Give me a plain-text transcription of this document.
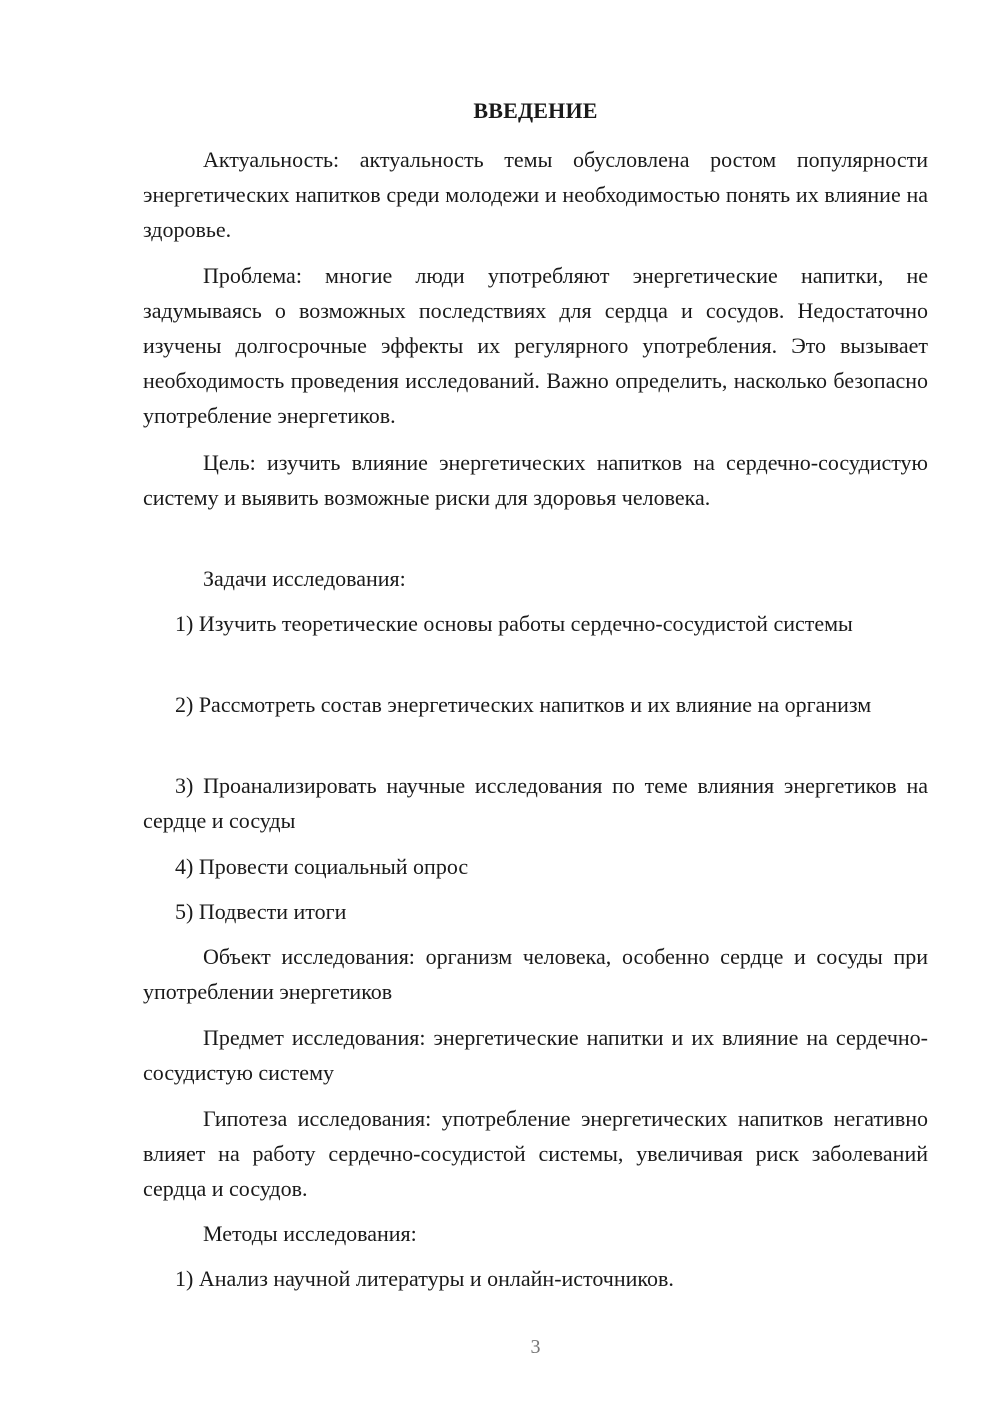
ВВЕДЕНИЕ

Актуальность: актуальность темы обусловлена ростом популярности энергетических напитков среди молодежи и необходимостью понять их влияние на здоровье.

Проблема: многие люди употребляют энергетические напитки, не задумываясь о возможных последствиях для сердца и сосудов. Недостаточно изучены долгосрочные эффекты их регулярного употребления. Это вызывает необходимость проведения исследований. Важно определить, насколько безопасно употребление энергетиков.

Цель: изучить влияние энергетических напитков на сердечно-сосудистую систему и выявить возможные риски для здоровья человека.

Задачи исследования:

1) Изучить теоретические основы работы сердечно-сосудистой системы

2) Рассмотреть состав энергетических напитков и их влияние на организм

3) Проанализировать научные исследования по теме влияния энергетиков на сердце и сосуды

4) Провести социальный опрос

5) Подвести итоги

Объект исследования: организм человека, особенно сердце и сосуды при употреблении энергетиков

Предмет исследования: энергетические напитки и их влияние на сердечно-сосудистую систему

Гипотеза исследования: употребление энергетических напитков негативно влияет на работу сердечно-сосудистой системы, увеличивая риск заболеваний сердца и сосудов.

Методы исследования:

1) Анализ научной литературы и онлайн-источников.

3
